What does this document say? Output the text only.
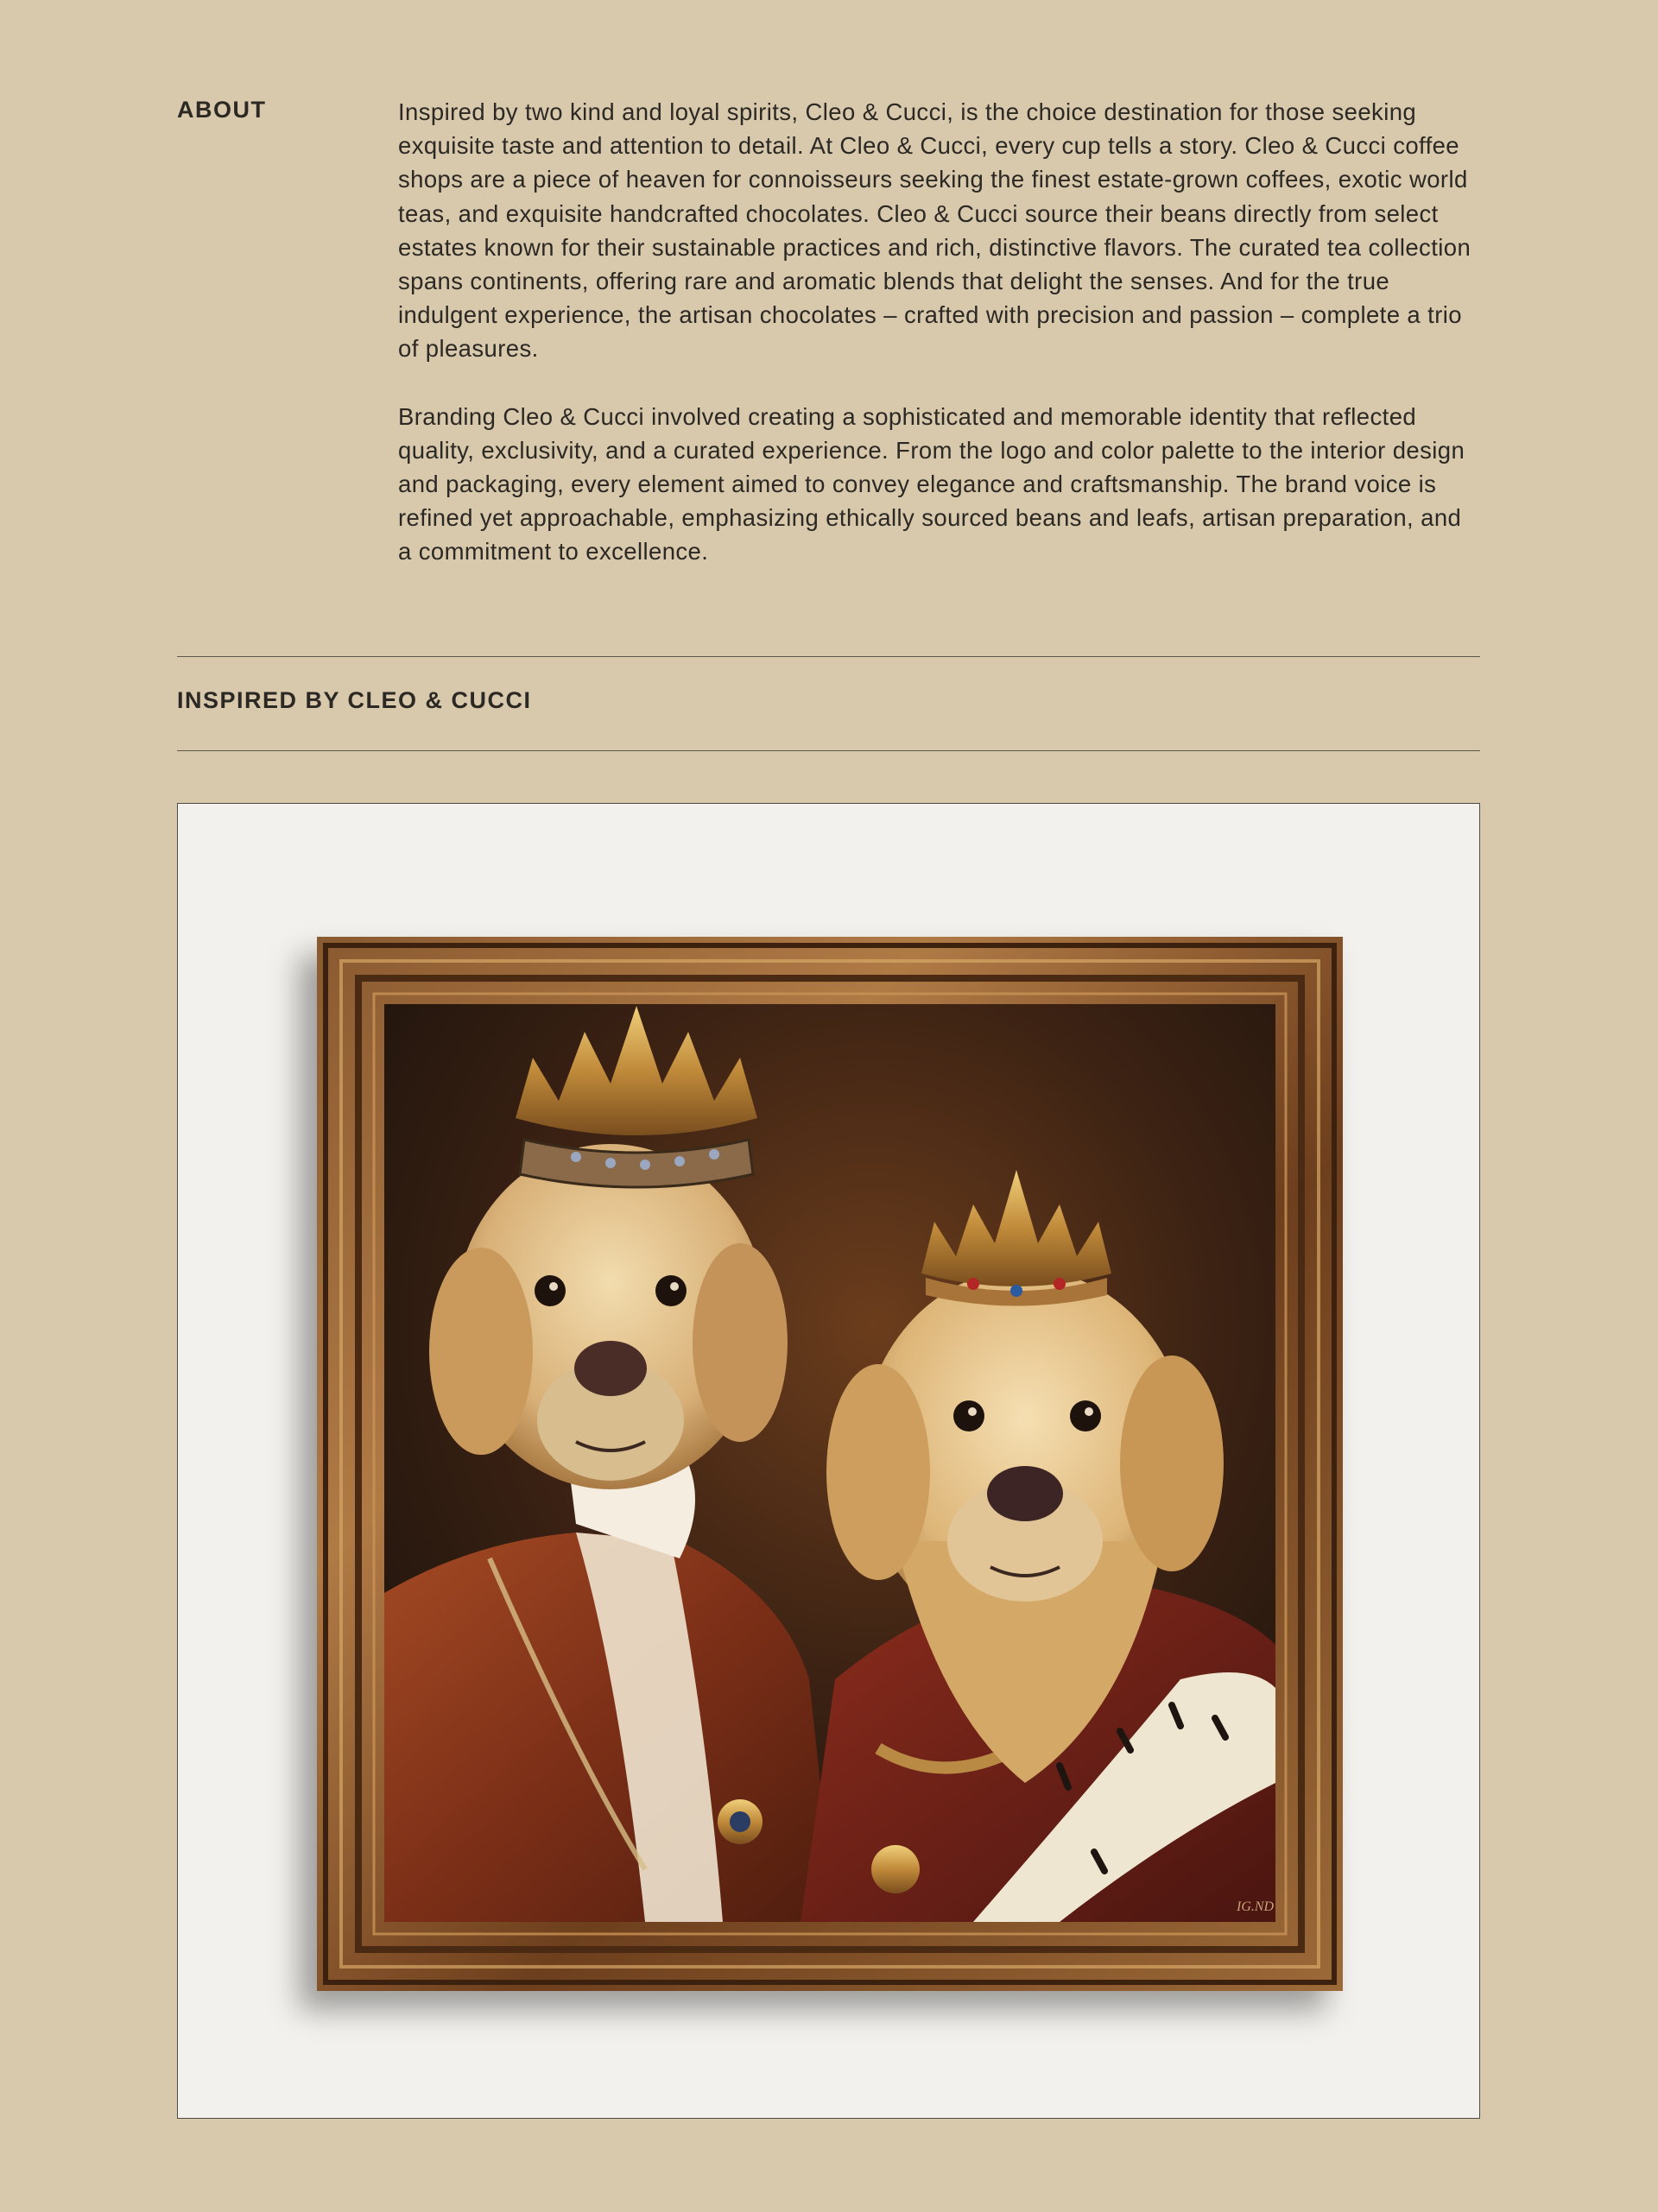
ABOUT	Inspired by two kind and loyal spirits, Cleo & Cucci, is the choice destination for those seeking exquisite taste and attention to detail. At Cleo & Cucci, every cup tells a story. Cleo & Cucci coffee shops are a piece of heaven for connoisseurs seeking the finest estate-grown coffees, exotic world teas, and exquisite handcrafted chocolates. Cleo & Cucci source their beans directly from select estates known for their sustainable practices and rich, distinctive flavors. The curated tea collection spans continents, offering rare and aromatic blends that delight the senses. And for the true indulgent experience, the artisan chocolates – crafted with precision and passion – complete a trio of pleasures.

Branding Cleo & Cucci involved creating a sophisticated and memorable identity that reflected quality, exclusivity, and a curated experience. From the logo and color palette to the interior design and packaging, every element aimed to convey elegance and craftsmanship. The brand voice is refined yet approachable, emphasizing ethically sourced beans and leafs, artisan preparation, and a commitment to excellence.

INSPIRED BY CLEO & CUCCI
IG.ND
